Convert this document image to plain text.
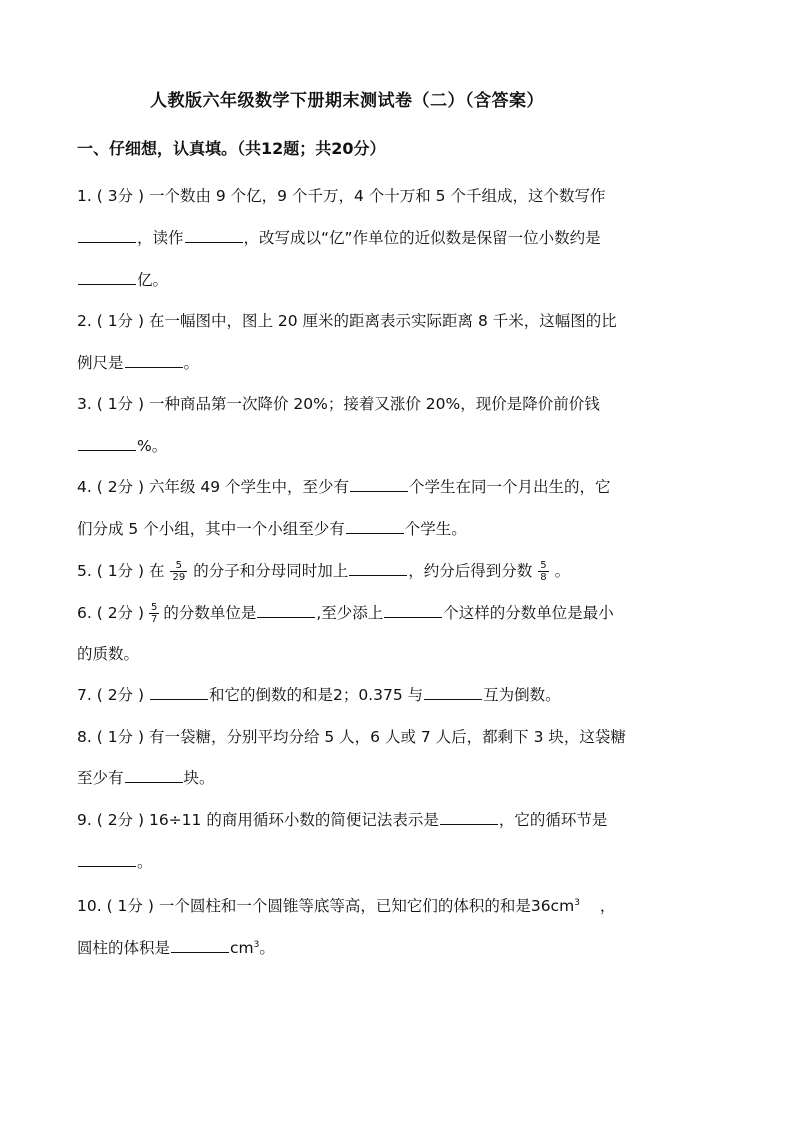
人教版六年级数学下册期末测试卷（二）（含答案）
一、仔细想，认真填。（共12题；共20分）
1. ( 3分 ) 一个数由 9 个亿，9 个千万，4 个十万和 5 个千组成，这个数写作
，读作	，改写成以“亿”作单位的近似数是保留一位小数约是
亿。
2. ( 1分 ) 在一幅图中，图上 20 厘米的距离表示实际距离 8 千米，这幅图的比
例尺是	。
3. ( 1分 ) 一种商品第一次降价 20%；接着又涨价 20%，现价是降价前价钱
%。
4. ( 2分 ) 六年级 49 个学生中，至少有	个学生在同一个月出生的，它
们分成 5 个小组，其中一个小组至少有	个学生。
5. ( 1分 ) 在 $\frac{5}{29}$ 的分子和分母同时加上	，约分后得到分数 $\frac{5}{8}$ 。
6. ( 2分 ) $\frac{5}{7}$ 的分数单位是	,至少添上	个这样的分数单位是最小
的质数。
7. ( 2分 )	和它的倒数的和是2；0.375 与	互为倒数。
8. ( 1分 ) 有一袋糖，分别平均分给 5 人，6 人或 7 人后，都剩下 3 块，这袋糖
至少有	块。
9. ( 2分 ) 16÷11 的商用循环小数的简便记法表示是	，它的循环节是
。
10. ( 1分 ) 一个圆柱和一个圆锥等底等高，已知它们的体积的和是$36cm^3$ ，
圆柱的体积是	$cm^3$。
